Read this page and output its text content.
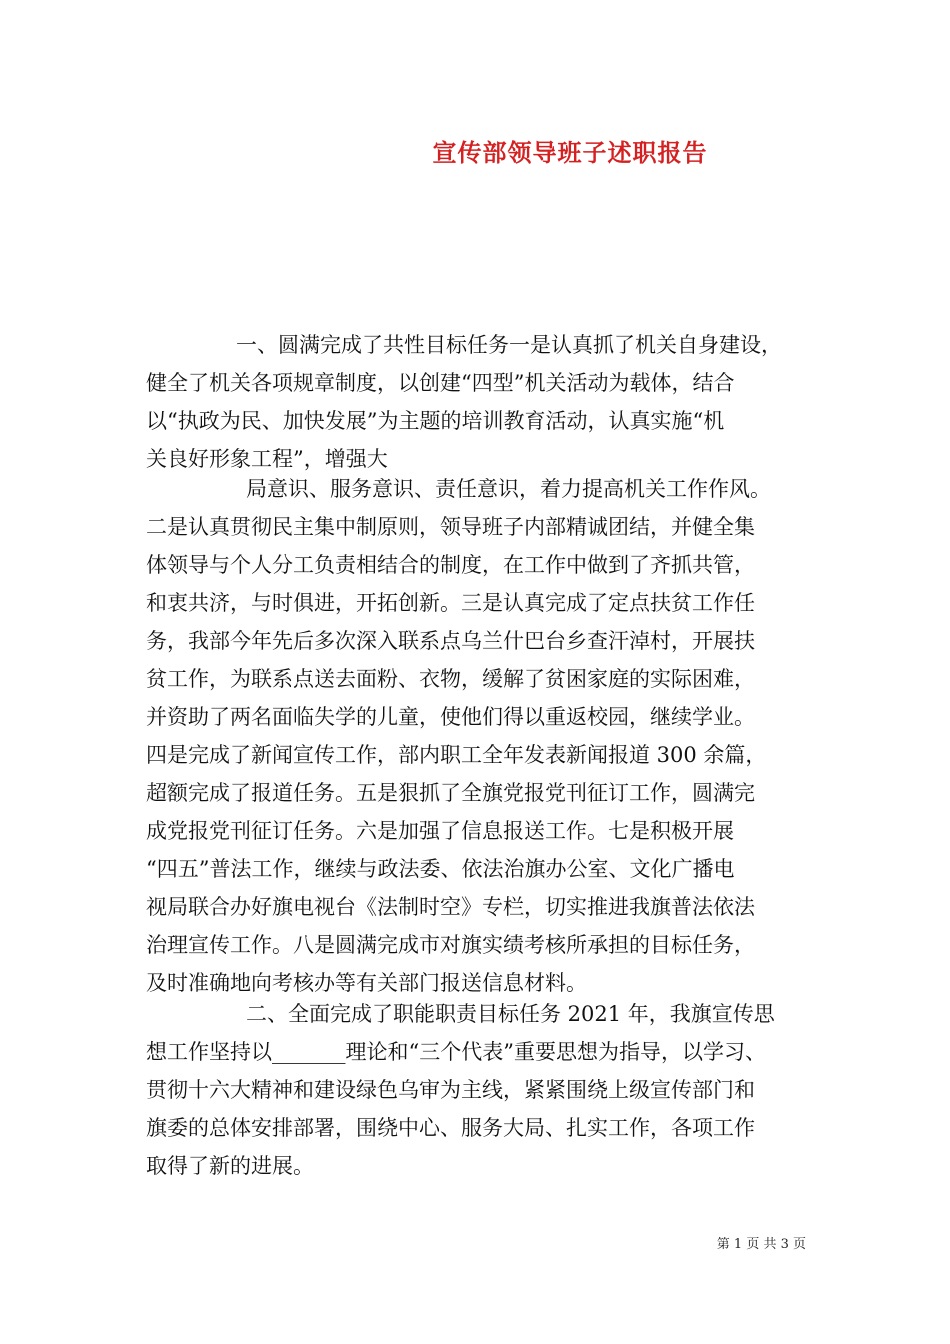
宣传部领导班子述职报告

一、圆满完成了共性目标任务一是认真抓了机关自身建设，
健全了机关各项规章制度，以创建“四型”机关活动为载体，结合
以“执政为民、加快发展”为主题的培训教育活动，认真实施“机
关良好形象工程”，增强大

局意识、服务意识、责任意识，着力提高机关工作作风。
二是认真贯彻民主集中制原则，领导班子内部精诚团结，并健全集
体领导与个人分工负责相结合的制度，在工作中做到了齐抓共管，
和衷共济，与时俱进，开拓创新。三是认真完成了定点扶贫工作任
务，我部今年先后多次深入联系点乌兰什巴台乡查汗淖村，开展扶
贫工作，为联系点送去面粉、衣物，缓解了贫困家庭的实际困难，
并资助了两名面临失学的儿童，使他们得以重返校园，继续学业。
四是完成了新闻宣传工作，部内职工全年发表新闻报道 300 余篇，
超额完成了报道任务。五是狠抓了全旗党报党刊征订工作，圆满完
成党报党刊征订任务。六是加强了信息报送工作。七是积极开展
“四五”普法工作，继续与政法委、依法治旗办公室、文化广播电
视局联合办好旗电视台《法制时空》专栏，切实推进我旗普法依法
治理宣传工作。八是圆满完成市对旗实绩考核所承担的目标任务，
及时准确地向考核办等有关部门报送信息材料。

二、全面完成了职能职责目标任务 2021 年，我旗宣传思
想工作坚持以_______理论和“三个代表”重要思想为指导，以学习、
贯彻十六大精神和建设绿色乌审为主线，紧紧围绕上级宣传部门和
旗委的总体安排部署，围绕中心、服务大局、扎实工作，各项工作
取得了新的进展。

第 1 页 共 3 页
